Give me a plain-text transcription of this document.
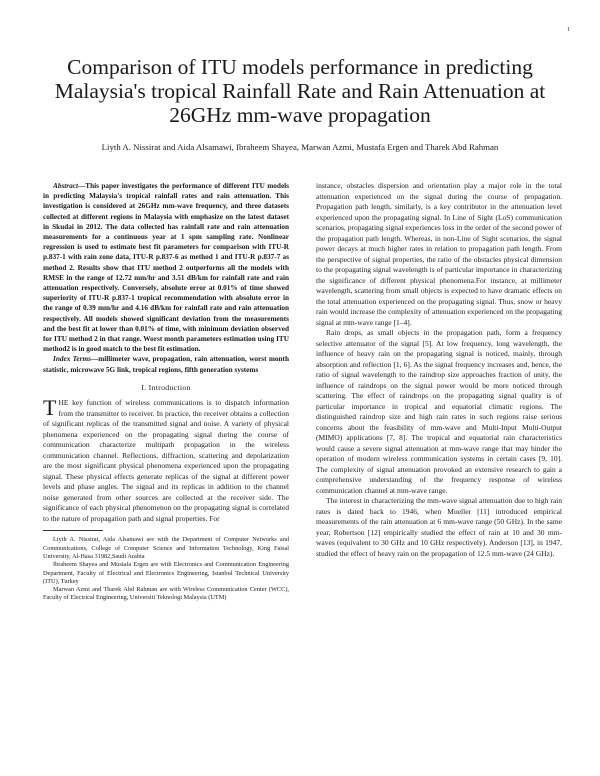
1
Comparison of ITU models performance in predicting Malaysia's tropical Rainfall Rate and Rain Attenuation at 26GHz mm-wave propagation
Liyth A. Nissirat and Aida Alsamawi, Ibraheem Shayea, Marwan Azmi, Mustafa Ergen and Tharek Abd Rahman

Abstract—This paper investigates the performance of different ITU models in predicting Malaysia's tropical rainfall rates and rain attenuation. This investigation is considered at 26GHz mm-wave frequency, and three datasets collected at different regions in Malaysia with emphasize on the latest dataset in Skudai in 2012. The data collected has rainfall rate and rain attenuation measurements for a continuous year at 1 spm sampling rate. Nonlinear regression is used to estimate best fit parameters for comparison with ITU-R p.837-1 with rain zone data, ITU-R p.837-6 as method 1 and ITU-R p.837-7 as method 2. Results show that ITU method 2 outperforms all the models with RMSE in the range of 12.72 mm/hr and 3.51 dB/km for rainfall rate and rain attenuation respectively. Conversely, absolute error at 0.01% of time showed superiority of ITU-R p.837-1 tropical recommendation with absolute error in the range of 0.39 mm/hr and 4.16 dB/km for rainfall rate and rain attenuation respectively. All models showed significant deviation from the measurements and the best fit at lower than 0.01% of time, with minimum deviation observed for ITU method 2 in that range. Worst month parameters estimation using ITU method2 is in good match to the best fit estimation.

Index Terms—millimeter wave, propagation, rain attenuation, worst month statistic, microwave 5G link, tropical regions, fifth generation systems

I. Introduction

THE key function of wireless communications is to dispatch information from the transmitter to receiver. In practice, the receiver obtains a collection of significant replicas of the transmitted signal and noise. A variety of physical phenomena experienced on the propagating signal during the course of communication characterize multipath propagation in the wireless communication channel. Reflections, diffraction, scattering and depolarization are the most significant physical phenomena experienced upon the propagating signal. These physical effects generate replicas of the signal at different power levels and phase angles. The signal and its replicas in addition to the channel noise generated from other sources are collected at the receiver side. The significance of each physical phenomenon on the propagating signal is correlated to the nature of propagation path and signal properties. For

Liyth A. Nissirat, Aida Alsamawi are with the Department of Computer Networks and Communications, College of Computer Science and Information Technology, King Faisal University, Al-Hasa 31982,Saudi Arabia

Ibraheem Shayea and Mustafa Ergen are with Electronics and Communication Engineering Department, Faculty of Electrical and Electronics Engineering, Istanbul Technical University (ITU), Turkey

Marwan Azmi and Tharek Abd Rahman are with Wireless Communication Center (WCC), Faculty of Electrical Engineering, Universiti Teknologi Malaysia (UTM)

instance, obstacles dispersion and orientation play a major role in the total attenuation experienced on the signal during the course of propagation. Propagation path length, similarly, is a key contributor in the attenuation level experienced upon the propagating signal. In Line of Sight (LoS) communication scenarios, propagating signal experiences loss in the order of the second power of the propagation path length. Whereas, in non-Line of Sight scenarios, the signal power decays at much higher rates in relation to propagation path length. From the perspective of signal properties, the ratio of the obstacles physical dimension to the propagating signal wavelength is of particular importance in characterizing the significance of different physical phenomena.For instance, at millimeter wavelength, scattering from small objects is expected to have dramatic effects on the total attenuation experienced on the propagating signal. Thus, snow or heavy rain would increase the complexity of attenuation experienced on the propagating signal at mm-wave range [1–4].

Rain drops, as small objects in the propagation path, form a frequency selective attenuator of the signal [5]. At low frequency, long wavelength, the influence of heavy rain on the propagating signal is noticed, mainly, through absorption and reflection [1, 6]. As the signal frequency increases and, hence, the ratio of signal wavelength to the raindrop size approaches fraction of unity, the influence of raindrops on the signal power would be more noticed through scattering. The effect of raindrops on the propagating signal quality is of particular importance in tropical and equatorial climatic regions. The distinguished raindrop size and high rain rates in such regions raise serious concerns about the feasibility of mm-wave and Multi-Input Multi-Output (MIMO) applications [7, 8]. The tropical and equatorial rain characteristics would cause a severe signal attenuation at mm-wave range that may hinder the operation of modern wireless communication systems in certain cases [9, 10]. The complexity of signal attenuation provoked an extensive research to gain a comprehensive understanding of the frequency response of wireless communication channel at mm-wave range.

The interest in characterizing the mm-wave signal attenuation due to high rain rates is dated back to 1946, when Mueller [11] introduced empirical measurements of the rain attenuation at 6 mm-wave range (50 GHz). In the same year, Robertson [12] empirically studied the effect of rain at 10 and 30 mm-waves (equivalent to 30 GHz and 10 GHz respectively). Anderson [13], in 1947, studied the effect of heavy rain on the propagation of 12.5 mm-wave (24 GHz).
